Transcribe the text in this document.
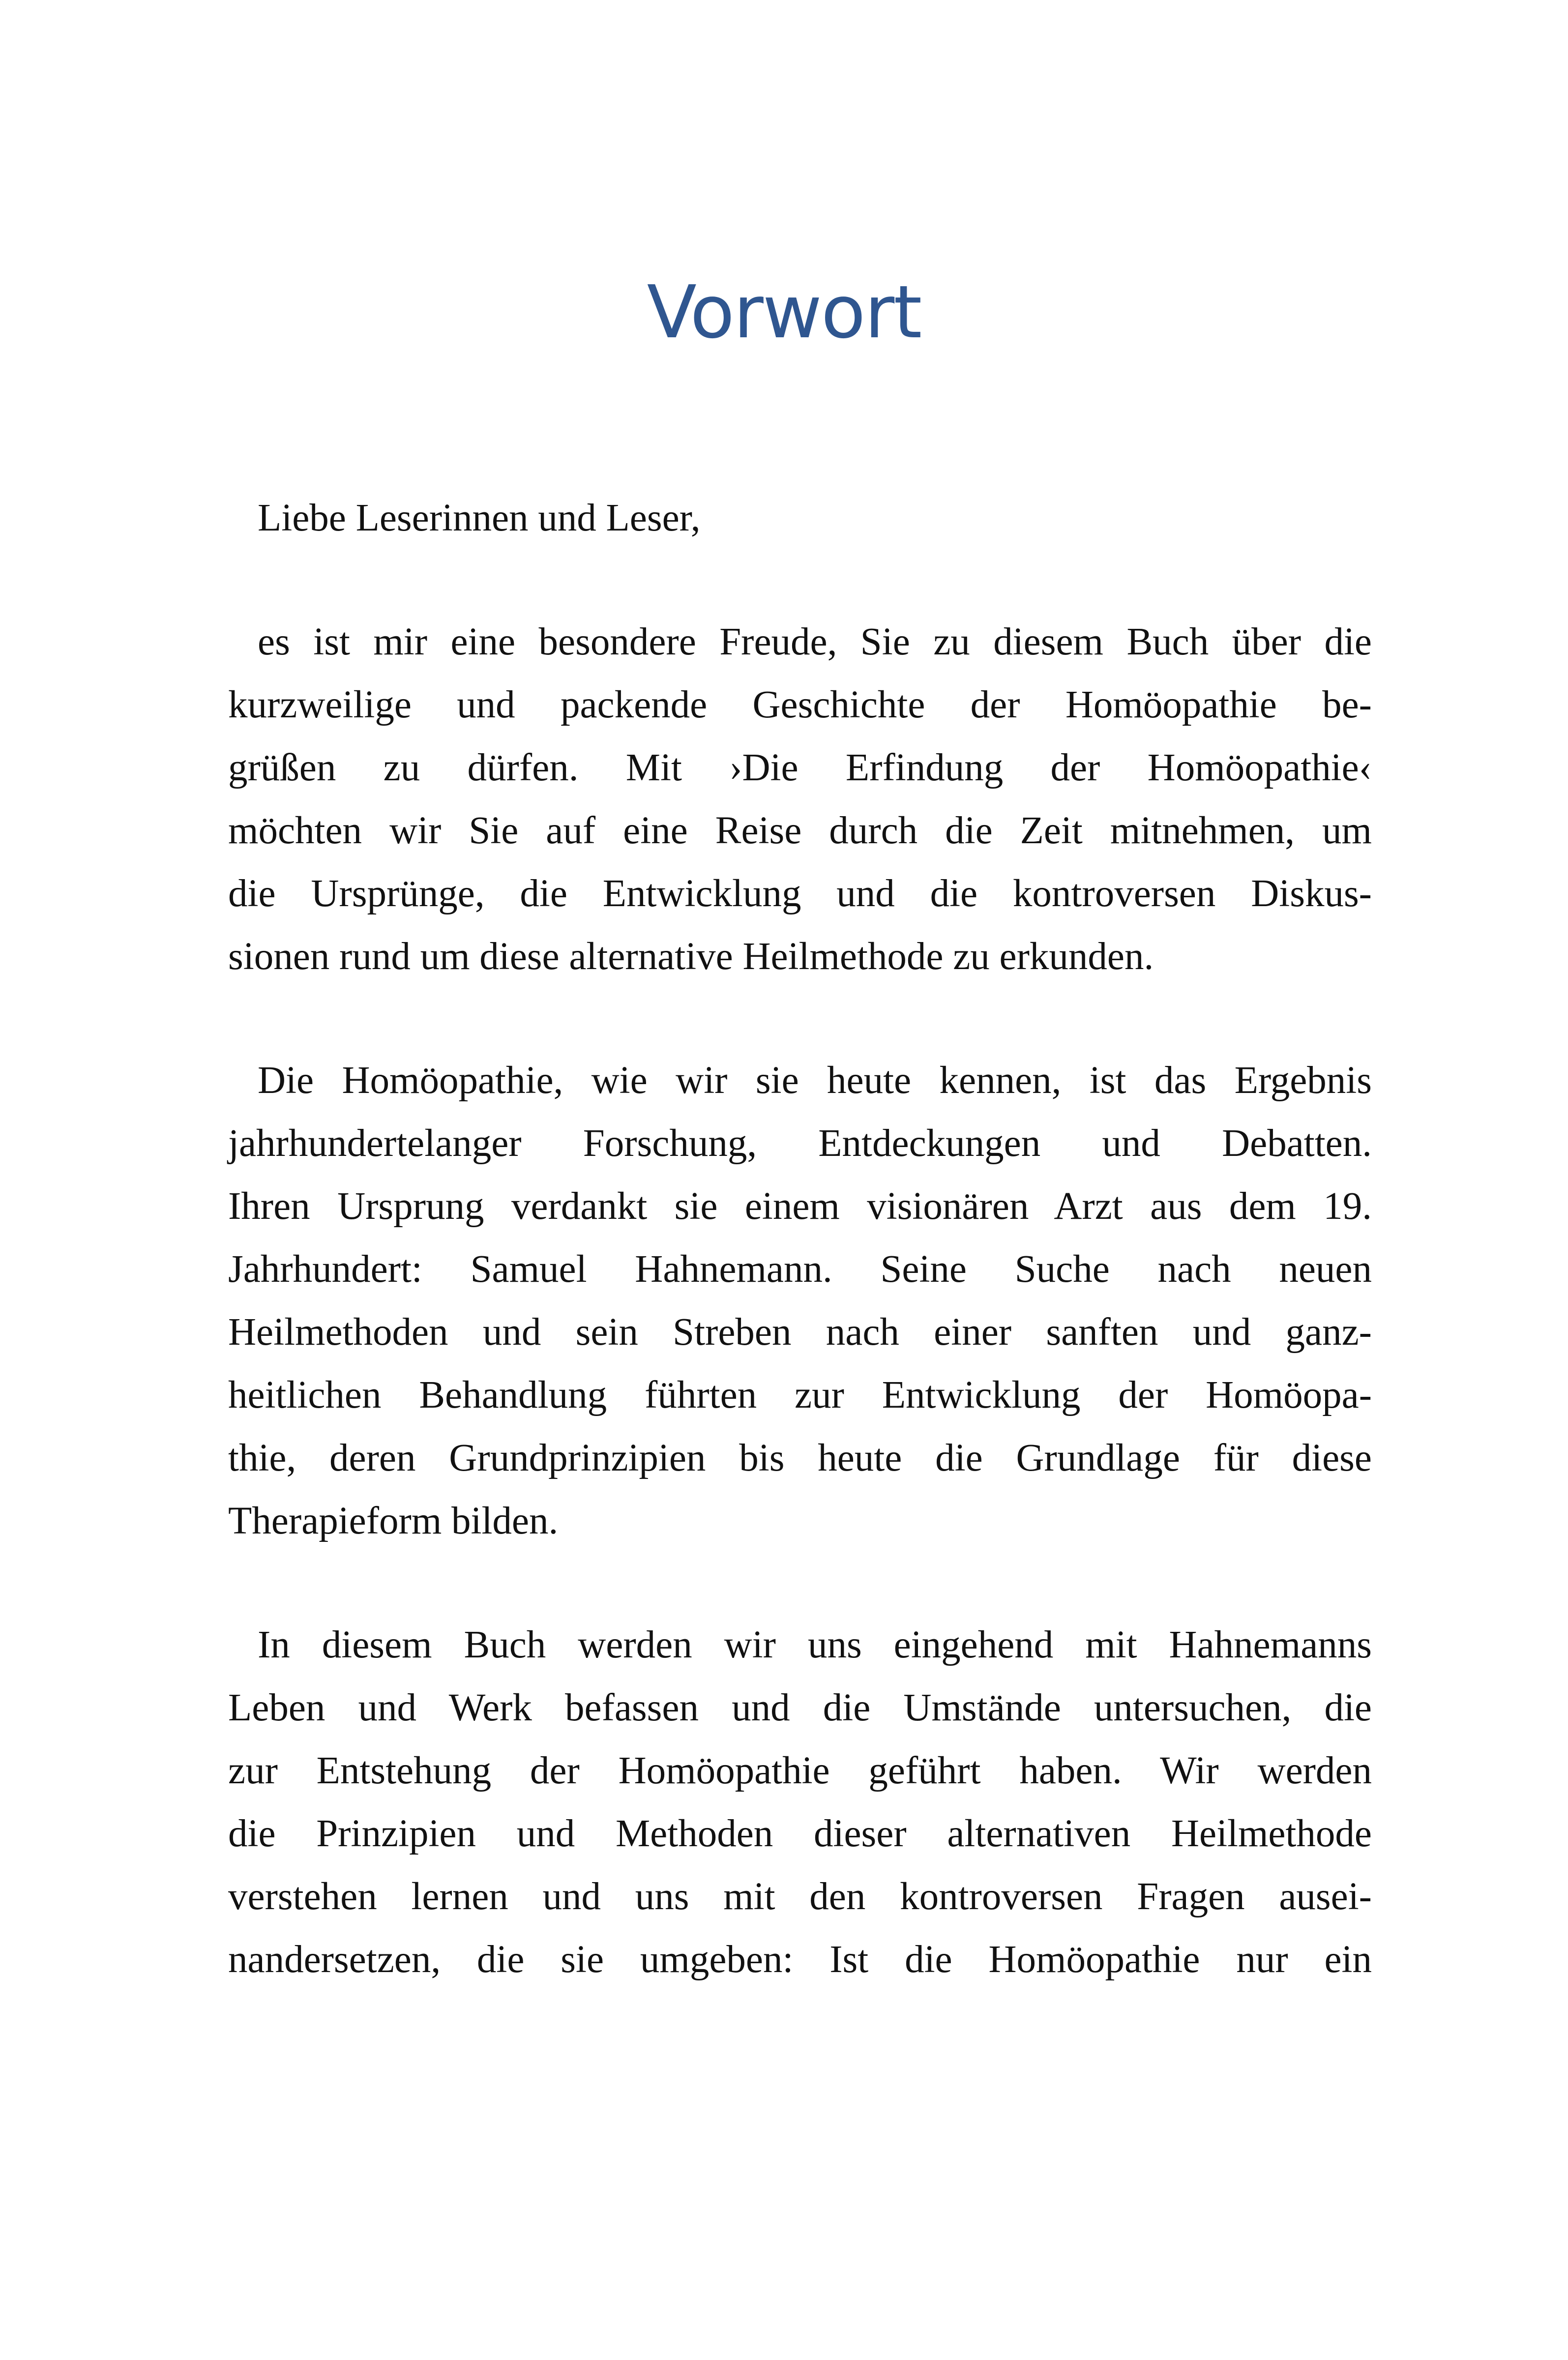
Vorwort
Liebe Leserinnen und Leser,
es ist mir eine besondere Freude, Sie zu diesem Buch über die
kurzweilige und packende Geschichte der Homöopathie be-
grüßen zu dürfen. Mit ›Die Erfindung der Homöopathie‹
möchten wir Sie auf eine Reise durch die Zeit mitnehmen, um
die Ursprünge, die Entwicklung und die kontroversen Diskus-
sionen rund um diese alternative Heilmethode zu erkunden.
Die Homöopathie, wie wir sie heute kennen, ist das Ergebnis
jahrhundertelanger Forschung, Entdeckungen und Debatten.
Ihren Ursprung verdankt sie einem visionären Arzt aus dem 19.
Jahrhundert: Samuel Hahnemann. Seine Suche nach neuen
Heilmethoden und sein Streben nach einer sanften und ganz-
heitlichen Behandlung führten zur Entwicklung der Homöopa-
thie, deren Grundprinzipien bis heute die Grundlage für diese
Therapieform bilden.
In diesem Buch werden wir uns eingehend mit Hahnemanns
Leben und Werk befassen und die Umstände untersuchen, die
zur Entstehung der Homöopathie geführt haben. Wir werden
die Prinzipien und Methoden dieser alternativen Heilmethode
verstehen lernen und uns mit den kontroversen Fragen ausei-
nandersetzen, die sie umgeben: Ist die Homöopathie nur ein
